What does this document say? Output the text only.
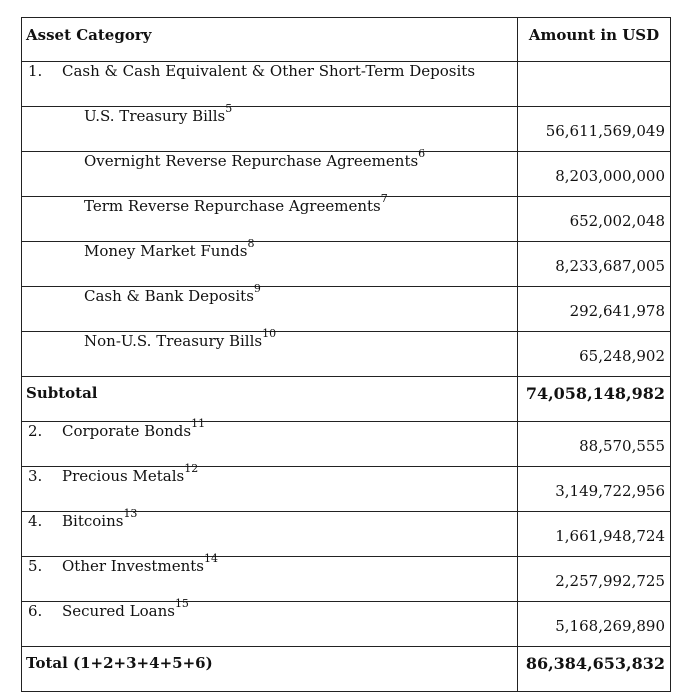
Asset Category	Amount in USD

1. Cash & Cash Equivalent & Other Short-Term Deposits	

U.S. Treasury Bills$^5$	56,611,569,049

Overnight Reverse Repurchase Agreements$^6$	8,203,000,000

Term Reverse Repurchase Agreements$^7$	652,002,048

Money Market Funds$^8$	8,233,687,005

Cash & Bank Deposits$^9$	292,641,978

Non-U.S. Treasury Bills$^{10}$	65,248,902

Subtotal	74,058,148,982

2. Corporate Bonds$^{11}$	88,570,555

3. Precious Metals$^{12}$	3,149,722,956

4. Bitcoins$^{13}$	1,661,948,724

5. Other Investments$^{14}$	2,257,992,725

6. Secured Loans$^{15}$	5,168,269,890

Total (1+2+3+4+5+6)	86,384,653,832
